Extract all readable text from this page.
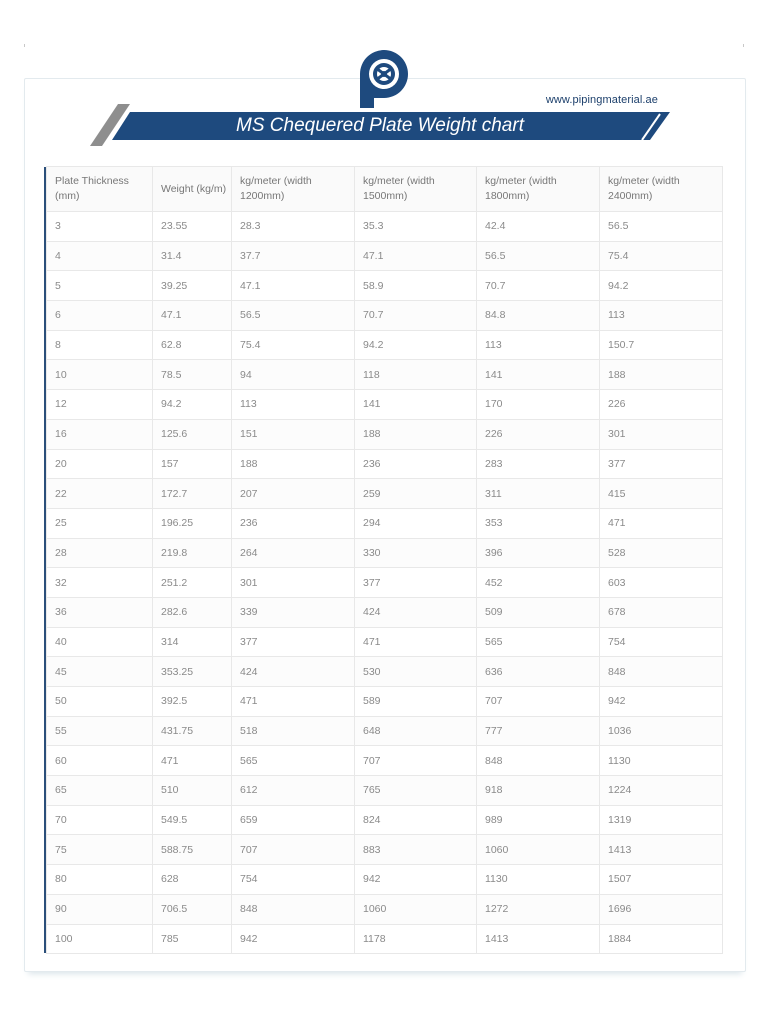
www.pipingmaterial.ae
MS Chequered Plate Weight chart
Plate Thickness (mm)	Weight (kg/m)	kg/meter (width 1200mm)	kg/meter (width 1500mm)	kg/meter (width 1800mm)	kg/meter (width 2400mm)
3	23.55	28.3	35.3	42.4	56.5
4	31.4	37.7	47.1	56.5	75.4
5	39.25	47.1	58.9	70.7	94.2
6	47.1	56.5	70.7	84.8	113
8	62.8	75.4	94.2	113	150.7
10	78.5	94	118	141	188
12	94.2	113	141	170	226
16	125.6	151	188	226	301
20	157	188	236	283	377
22	172.7	207	259	311	415
25	196.25	236	294	353	471
28	219.8	264	330	396	528
32	251.2	301	377	452	603
36	282.6	339	424	509	678
40	314	377	471	565	754
45	353.25	424	530	636	848
50	392.5	471	589	707	942
55	431.75	518	648	777	1036
60	471	565	707	848	1130
65	510	612	765	918	1224
70	549.5	659	824	989	1319
75	588.75	707	883	1060	1413
80	628	754	942	1130	1507
90	706.5	848	1060	1272	1696
100	785	942	1178	1413	1884
